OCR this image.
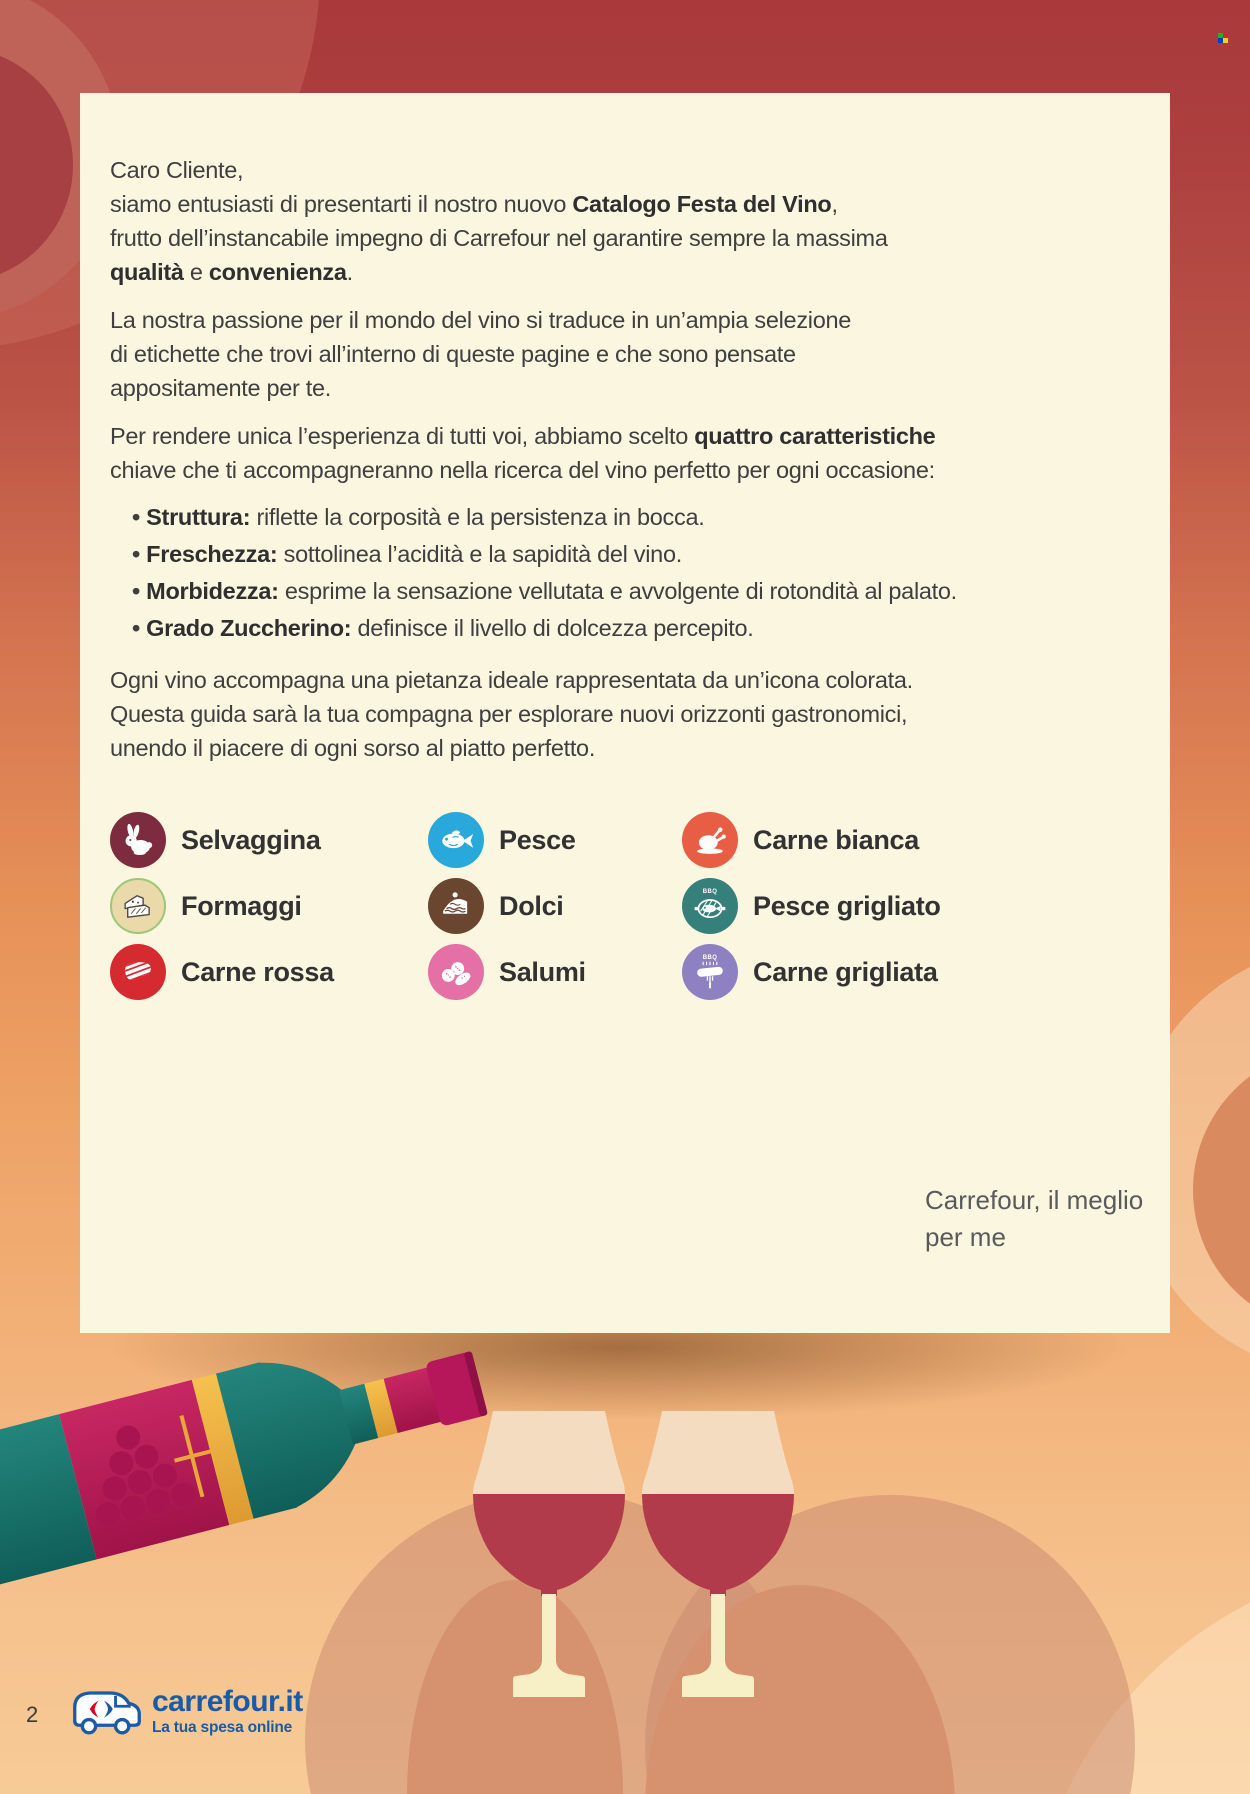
Caro Cliente,
siamo entusiasti di presentarti il nostro nuovo Catalogo Festa del Vino,
frutto dell’instancabile impegno di Carrefour nel garantire sempre la massima
qualità e convenienza.

La nostra passione per il mondo del vino si traduce in un’ampia selezione
di etichette che trovi all’interno di queste pagine e che sono pensate
appositamente per te.

Per rendere unica l’esperienza di tutti voi, abbiamo scelto quattro caratteristiche
chiave che ti accompagneranno nella ricerca del vino perfetto per ogni occasione:

• Struttura: riflette la corposità e la persistenza in bocca.
• Freschezza: sottolinea l’acidità e la sapidità del vino.
• Morbidezza: esprime la sensazione vellutata e avvolgente di rotondità al palato.
• Grado Zuccherino: definisce il livello di dolcezza percepito.

Ogni vino accompagna una pietanza ideale rappresentata da un’icona colorata.
Questa guida sarà la tua compagna per esplorare nuovi orizzonti gastronomici,
unendo il piacere di ogni sorso al piatto perfetto.

Selvaggina	Pesce	Carne bianca
Formaggi	Dolci	BBQ Pesce grigliato
Carne rossa	Salumi	BBQ Carne grigliata
Carrefour, il meglio per me
2	carrefour.it
La tua spesa online
